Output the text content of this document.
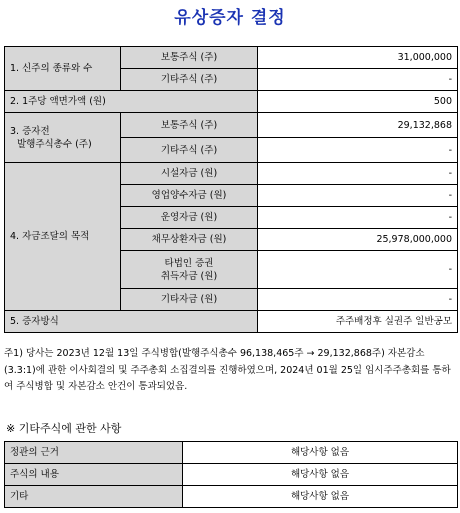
유상증자 결정
1. 신주의 종류와 수	보통주식 (주)	31,000,000
	기타주식 (주)	-
2. 1주당 액면가액 (원)		500

3. 증자전
발행주식총수 (주)	보통주식 (주)	29,132,868
	기타주식 (주)	-
4. 자금조달의 목적	시설자금 (원)	-
	영업양수자금 (원)	-
	운영자금 (원)	-
	채무상환자금 (원)	25,978,000,000

	타법인 증권
취득자금 (원)	-
	기타자금 (원)	-
5. 증자방식		주주배정후 실권주 일반공모
주1) 당사는 2023년 12월 13일 주식병합(발행주식총수 96,138,465주 → 29,132,868주) 자본감소(3.3:1)에 관한 이사회결의 및 주주총회 소집결의를 진행하였으며, 2024년 01월 25일 임시주주총회를 통하여 주식병합 및 자본감소 안건이 통과되었음.
※ 기타주식에 관한 사항
정관의 근거	해당사항 없음
주식의 내용	해당사항 없음
기타	해당사항 없음
